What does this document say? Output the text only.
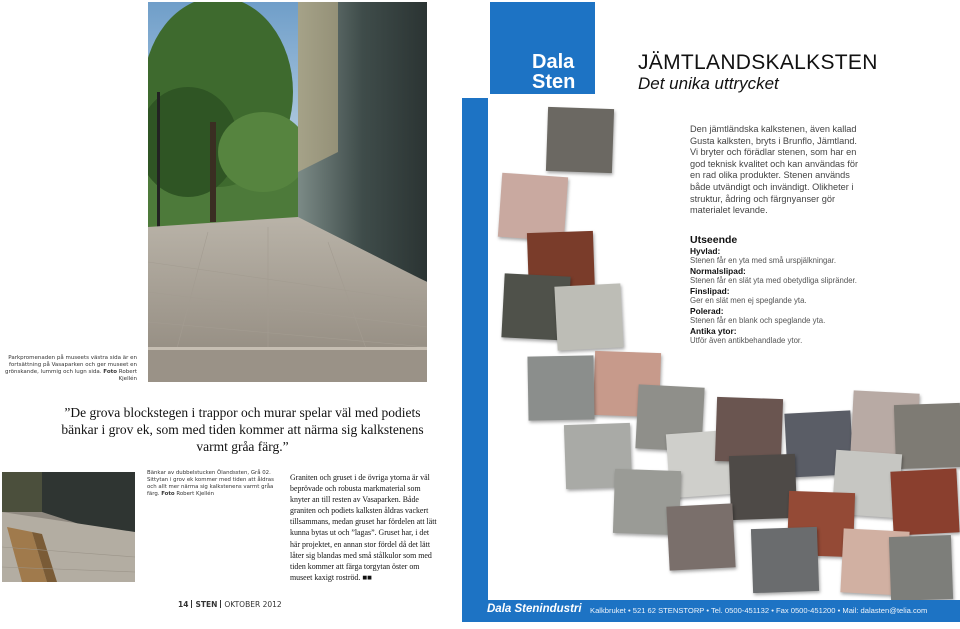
Parkpromenaden på museets västra sida är en fortsättning på Vasaparken och ger museet en grönskande, lummig och lugn sida. Foto Robert Kjellén
”De grova blockstegen i trappor och murar spelar väl med podiets bänkar i grov ek, som med tiden kommer att närma sig kalkstenens varmt gråa färg.”
Bänkar av dubbelstucken Ölandssten, Grå 02. Sittytan i grov ek kommer med tiden att åldras och allt mer närma sig kalkstenens varmt gråa färg. Foto Robert Kjellén
Graniten och gruset i de övriga ytorna är väl beprövade och robusta markmaterial som knyter an till resten av Vasaparken. Både graniten och podiets kalksten åldras vackert tillsammans, medan gruset har fördelen att lätt kunna bytas ut och ”lagas”. Gruset har, i det här projektet, en annan stor fördel då det lätt låter sig blandas med små stålkulor som med tiden kommer att färga torgytan öster om museet kaxigt roströd. ■■
14 STEN OKTOBER 2012
Dala
Sten
JÄMTLANDSKALKSTEN
Det unika uttrycket
Den jämtländska kalkstenen, även kallad Gusta kalksten, bryts i Brunflo, Jämtland. Vi bryter och förädlar stenen, som har en god teknisk kvalitet och kan användas för en rad olika produkter. Stenen används både utvändigt och invändigt. Olikheter i struktur, ådring och färgnyanser gör materialet levande.
Utseende
Hyvlad:
Stenen får en yta med små urspjälkningar.
Normalslipad:
Stenen får en slät yta med obetydliga slipränder.
Finslipad:
Ger en slät men ej speglande yta.
Polerad:
Stenen får en blank och speglande yta.
Antika ytor:
Utför även antikbehandlade ytor.
Dala Stenindustri Kalkbruket • 521 62 STENSTORP • Tel. 0500-451132 • Fax 0500-451200 • Mail: dalasten@telia.com
